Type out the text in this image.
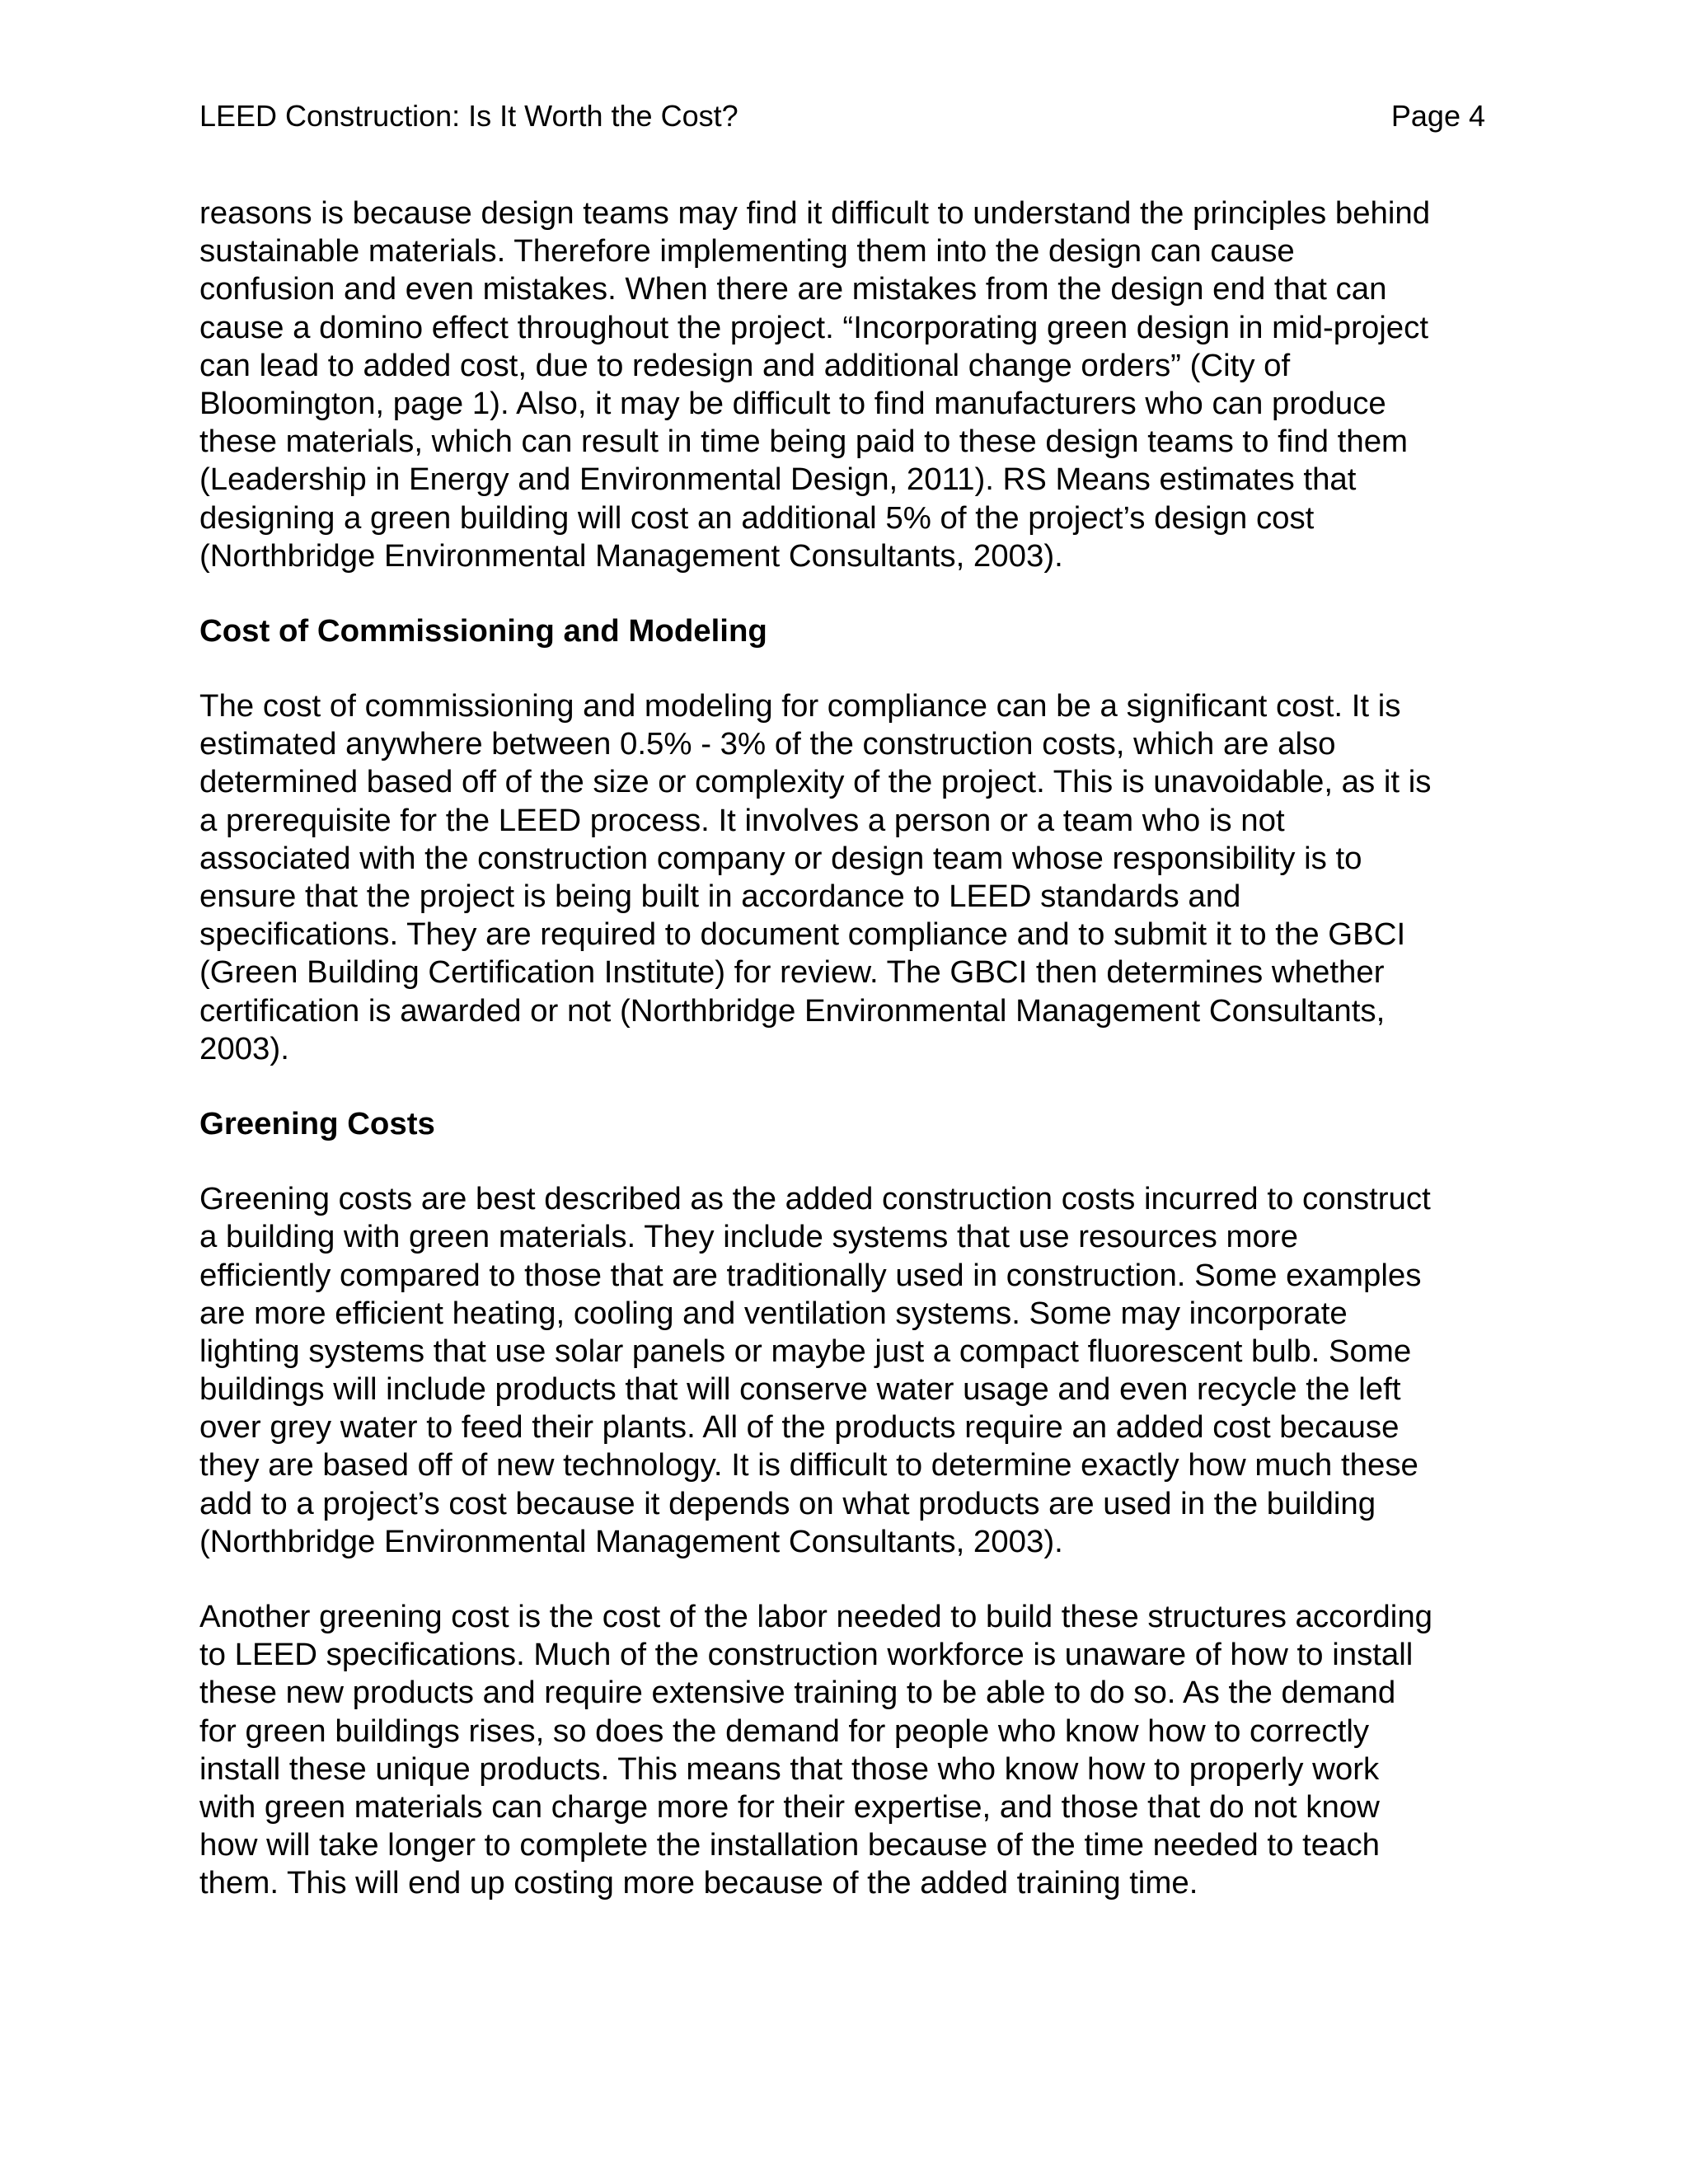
LEED Construction: Is It Worth the Cost?	Page 4
reasons is because design teams may find it difficult to understand the principles behind
sustainable materials. Therefore implementing them into the design can cause
confusion and even mistakes. When there are mistakes from the design end that can
cause a domino effect throughout the project. “Incorporating green design in mid-project
can lead to added cost, due to redesign and additional change orders” (City of
Bloomington, page 1). Also, it may be difficult to find manufacturers who can produce
these materials, which can result in time being paid to these design teams to find them
(Leadership in Energy and Environmental Design, 2011). RS Means estimates that
designing a green building will cost an additional 5% of the project’s design cost
(Northbridge Environmental Management Consultants, 2003).
Cost of Commissioning and Modeling
The cost of commissioning and modeling for compliance can be a significant cost. It is
estimated anywhere between 0.5% - 3% of the construction costs, which are also
determined based off of the size or complexity of the project. This is unavoidable, as it is
a prerequisite for the LEED process. It involves a person or a team who is not
associated with the construction company or design team whose responsibility is to
ensure that the project is being built in accordance to LEED standards and
specifications. They are required to document compliance and to submit it to the GBCI
(Green Building Certification Institute) for review. The GBCI then determines whether
certification is awarded or not (Northbridge Environmental Management Consultants,
2003).
Greening Costs
Greening costs are best described as the added construction costs incurred to construct
a building with green materials. They include systems that use resources more
efficiently compared to those that are traditionally used in construction. Some examples
are more efficient heating, cooling and ventilation systems. Some may incorporate
lighting systems that use solar panels or maybe just a compact fluorescent bulb. Some
buildings will include products that will conserve water usage and even recycle the left
over grey water to feed their plants. All of the products require an added cost because
they are based off of new technology. It is difficult to determine exactly how much these
add to a project’s cost because it depends on what products are used in the building
(Northbridge Environmental Management Consultants, 2003).
Another greening cost is the cost of the labor needed to build these structures according
to LEED specifications. Much of the construction workforce is unaware of how to install
these new products and require extensive training to be able to do so. As the demand
for green buildings rises, so does the demand for people who know how to correctly
install these unique products. This means that those who know how to properly work
with green materials can charge more for their expertise, and those that do not know
how will take longer to complete the installation because of the time needed to teach
them. This will end up costing more because of the added training time.
